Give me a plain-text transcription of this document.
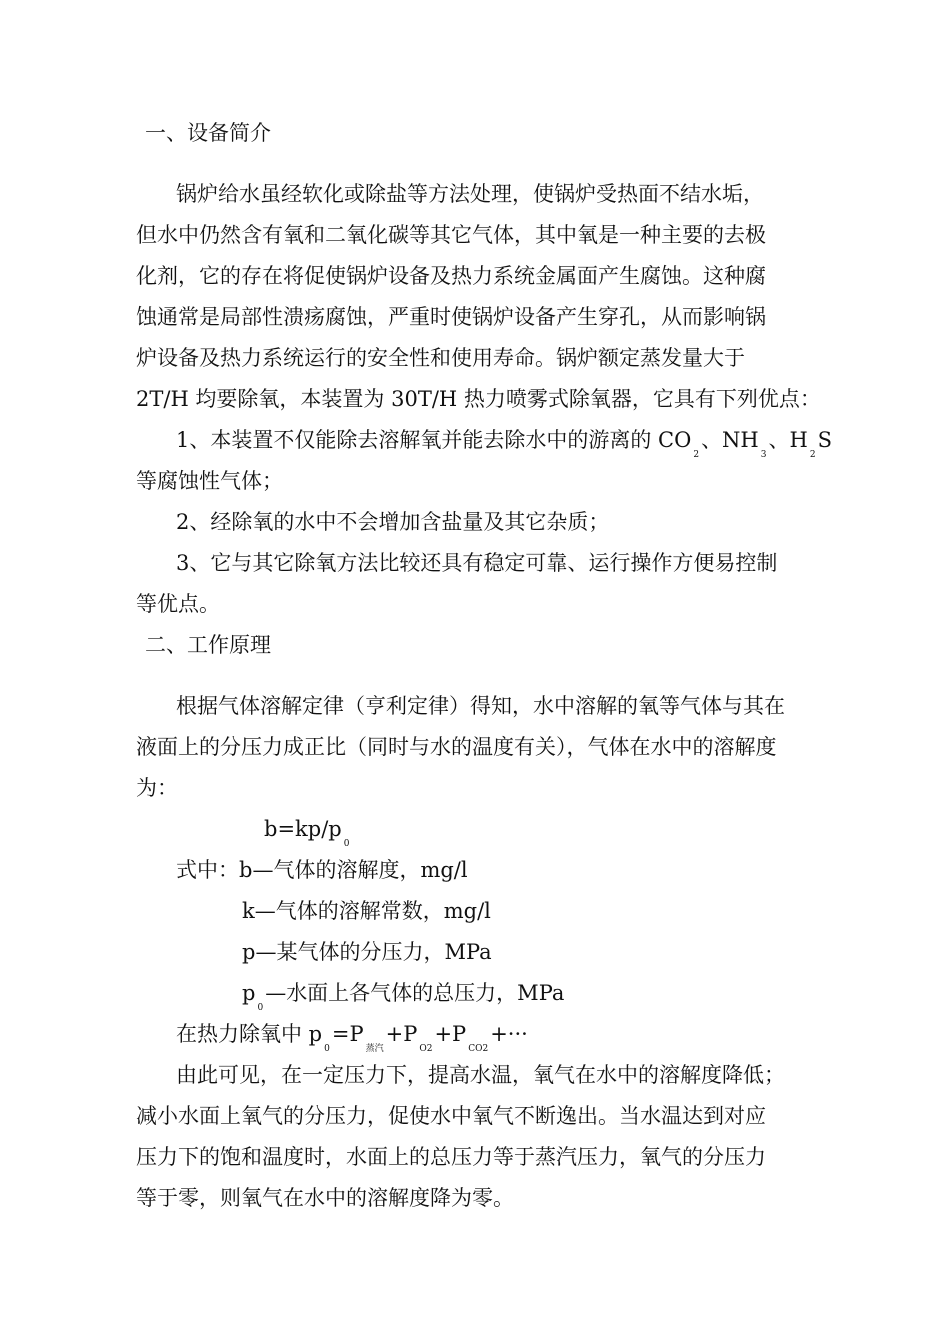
一、设备简介
锅炉给水虽经软化或除盐等方法处理，使锅炉受热面不结水垢，
但水中仍然含有氧和二氧化碳等其它气体，其中氧是一种主要的去极
化剂，它的存在将促使锅炉设备及热力系统金属面产生腐蚀。这种腐
蚀通常是局部性溃疡腐蚀，严重时使锅炉设备产生穿孔，从而影响锅
炉设备及热力系统运行的安全性和使用寿命。锅炉额定蒸发量大于
2T/H 均要除氧，本装置为 30T/H 热力喷雾式除氧器，它具有下列优点：
1、本装置不仅能除去溶解氧并能去除水中的游离的 $CO_2$、$NH_3$、$H_2S$
等腐蚀性气体；
2、经除氧的水中不会增加含盐量及其它杂质；
3、它与其它除氧方法比较还具有稳定可靠、运行操作方便易控制
等优点。
二、工作原理
根据气体溶解定律（亨利定律）得知，水中溶解的氧等气体与其在
液面上的分压力成正比（同时与水的温度有关），气体在水中的溶解度
为：
$b=kp/p_0$
式中：b—气体的溶解度，mg/l
k—气体的溶解常数，mg/l
p—某气体的分压力，MPa
$p_0—$水面上各气体的总压力，MPa
在热力除氧中 $p_0=P_{蒸汽}+P_{O2}+P_{CO2}+\cdot\cdot\cdot$
由此可见，在一定压力下，提高水温，氧气在水中的溶解度降低；
减小水面上氧气的分压力，促使水中氧气不断逸出。当水温达到对应
压力下的饱和温度时，水面上的总压力等于蒸汽压力，氧气的分压力
等于零，则氧气在水中的溶解度降为零。
